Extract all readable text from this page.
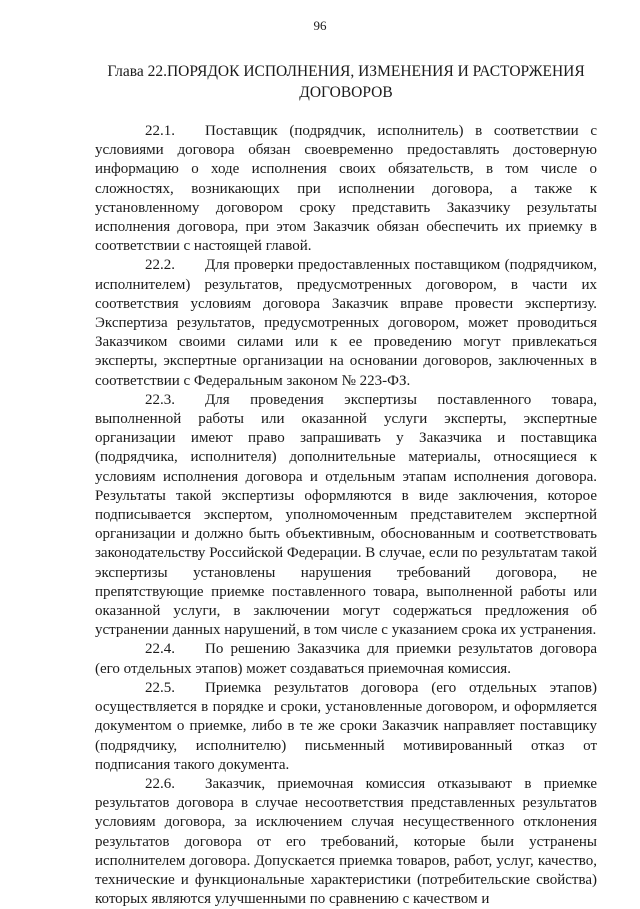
96
Глава 22.ПОРЯДОК ИСПОЛНЕНИЯ, ИЗМЕНЕНИЯ И РАСТОРЖЕНИЯ ДОГОВОРОВ

22.1. Поставщик (подрядчик, исполнитель) в соответствии с условиями договора обязан своевременно предоставлять достоверную информацию о ходе исполнения своих обязательств, в том числе о сложностях, возникающих при исполнении договора, а также к установленному договором сроку представить Заказчику результаты исполнения договора, при этом Заказчик обязан обеспечить их приемку в соответствии с настоящей главой.

22.2. Для проверки предоставленных поставщиком (подрядчиком, исполнителем) результатов, предусмотренных договором, в части их соответствия условиям договора Заказчик вправе провести экспертизу. Экспертиза результатов, предусмотренных договором, может проводиться Заказчиком своими силами или к ее проведению могут привлекаться эксперты, экспертные организации на основании договоров, заключенных в соответствии с Федеральным законом № 223-ФЗ.

22.3. Для проведения экспертизы поставленного товара, выполненной работы или оказанной услуги эксперты, экспертные организации имеют право запрашивать у Заказчика и поставщика (подрядчика, исполнителя) дополнительные материалы, относящиеся к условиям исполнения договора и отдельным этапам исполнения договора. Результаты такой экспертизы оформляются в виде заключения, которое подписывается экспертом, уполномоченным представителем экспертной организации и должно быть объективным, обоснованным и соответствовать законодательству Российской Федерации. В случае, если по результатам такой экспертизы установлены нарушения требований договора, не препятствующие приемке поставленного товара, выполненной работы или оказанной услуги, в заключении могут содержаться предложения об устранении данных нарушений, в том числе с указанием срока их устранения.

22.4. По решению Заказчика для приемки результатов договора (его отдельных этапов) может создаваться приемочная комиссия.

22.5. Приемка результатов договора (его отдельных этапов) осуществляется в порядке и сроки, установленные договором, и оформляется документом о приемке, либо в те же сроки Заказчик направляет поставщику (подрядчику, исполнителю) письменный мотивированный отказ от подписания такого документа.

22.6. Заказчик, приемочная комиссия отказывают в приемке результатов договора в случае несоответствия представленных результатов условиям договора, за исключением случая несущественного отклонения результатов договора от его требований, которые были устранены исполнителем договора. Допускается приемка товаров, работ, услуг, качество, технические и функциональные характеристики (потребительские свойства) которых являются улучшенными по сравнению с качеством и
